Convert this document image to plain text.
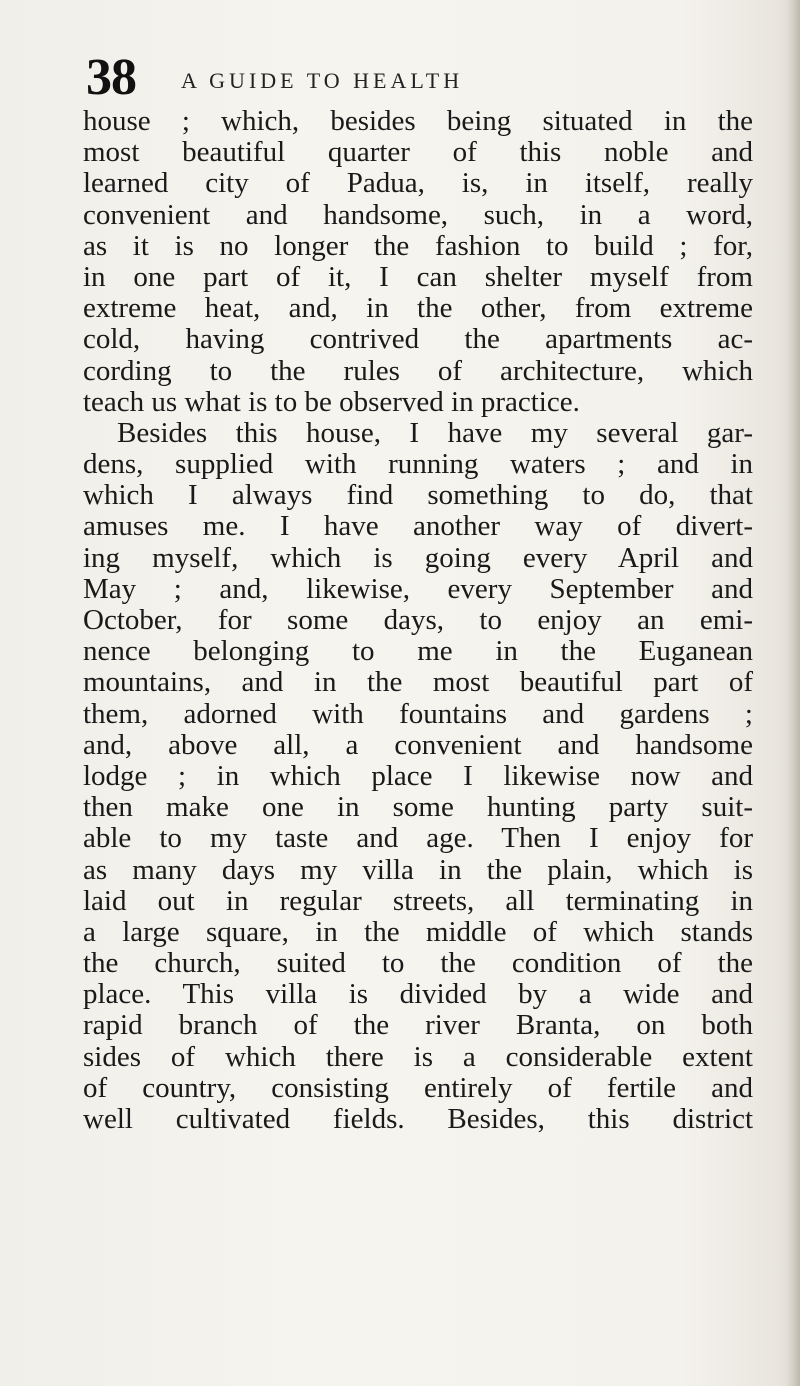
38 A GUIDE TO HEALTH
house ; which, besides being situated in the
most beautiful quarter of this noble and
learned city of Padua, is, in itself, really
convenient and handsome, such, in a word,
as it is no longer the fashion to build ; for,
in one part of it, I can shelter myself from
extreme heat, and, in the other, from extreme
cold, having contrived the apartments ac-
cording to the rules of architecture, which
teach us what is to be observed in practice.
Besides this house, I have my several gar-
dens, supplied with running waters ; and in
which I always find something to do, that
amuses me. I have another way of divert-
ing myself, which is going every April and
May ; and, likewise, every September and
October, for some days, to enjoy an emi-
nence belonging to me in the Euganean
mountains, and in the most beautiful part of
them, adorned with fountains and gardens ;
and, above all, a convenient and handsome
lodge ; in which place I likewise now and
then make one in some hunting party suit-
able to my taste and age. Then I enjoy for
as many days my villa in the plain, which is
laid out in regular streets, all terminating in
a large square, in the middle of which stands
the church, suited to the condition of the
place. This villa is divided by a wide and
rapid branch of the river Branta, on both
sides of which there is a considerable extent
of country, consisting entirely of fertile and
well cultivated fields. Besides, this district
